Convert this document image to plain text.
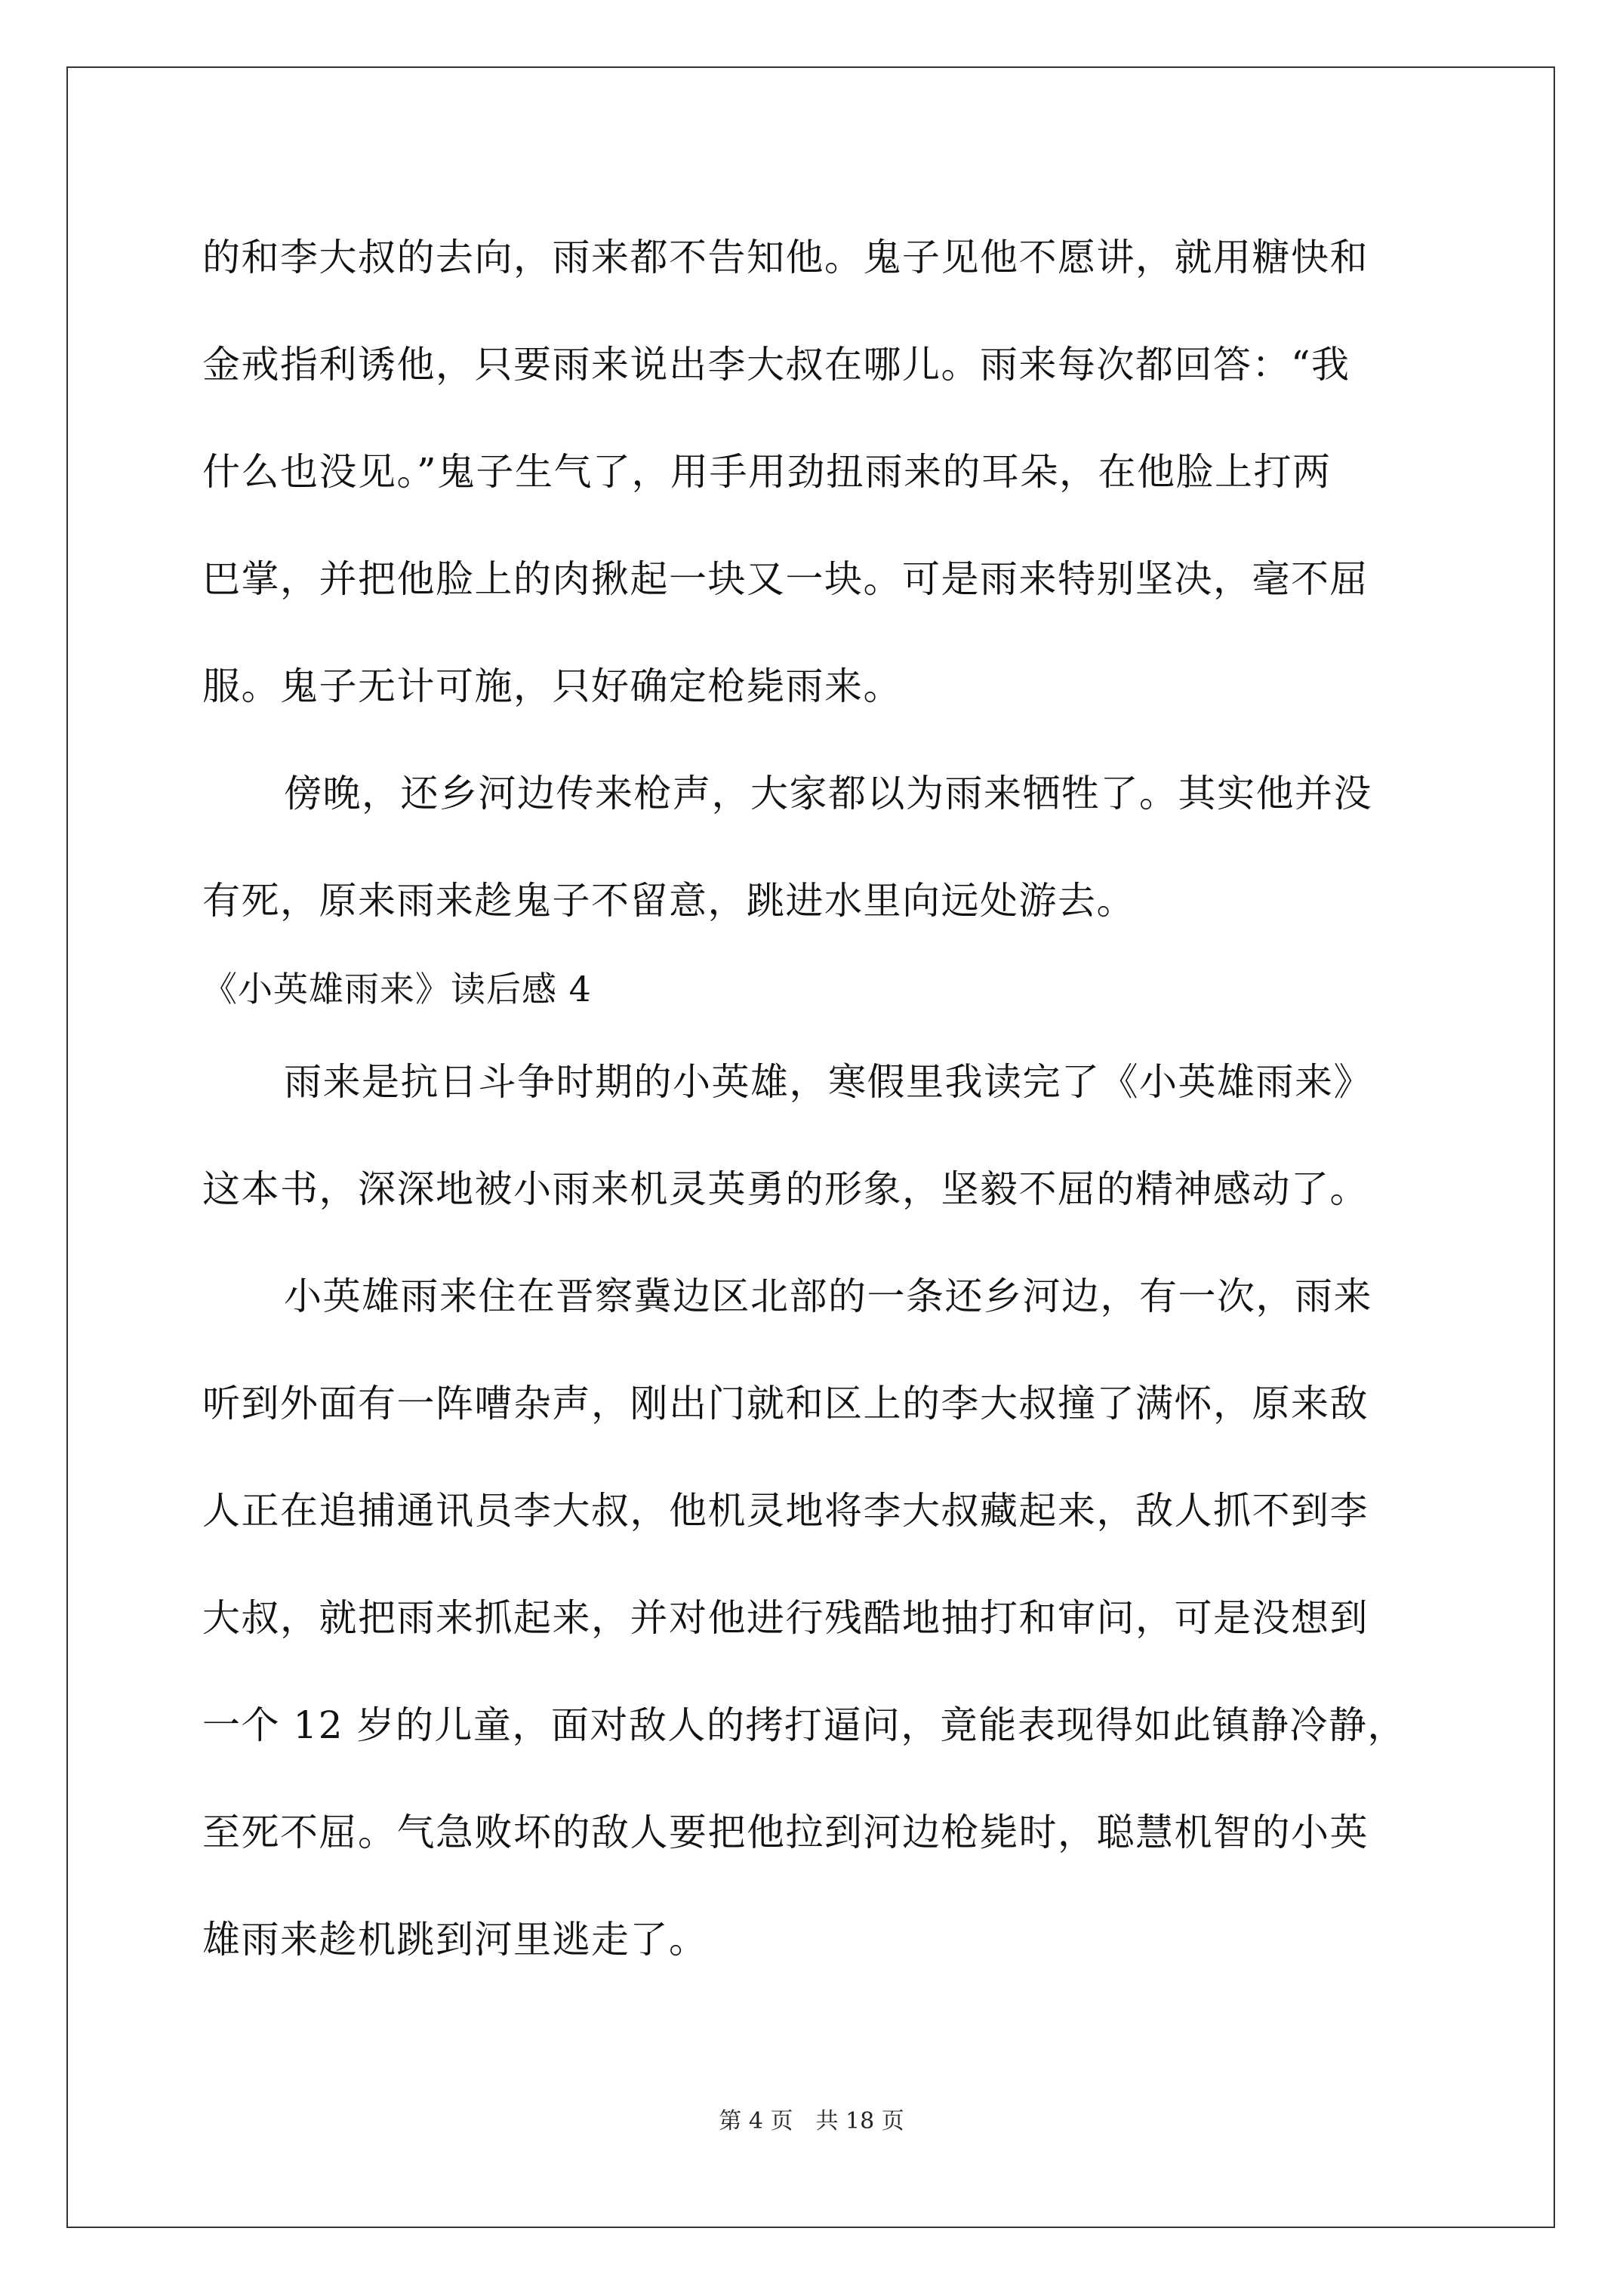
的和李大叔的去向，雨来都不告知他。鬼子见他不愿讲，就用糖快和
金戒指利诱他，只要雨来说出李大叔在哪儿。雨来每次都回答：“我
什么也没见。”鬼子生气了，用手用劲扭雨来的耳朵，在他脸上打两
巴掌，并把他脸上的肉揪起一块又一块。可是雨来特别坚决，毫不屈
服。鬼子无计可施，只好确定枪毙雨来。
傍晚，还乡河边传来枪声，大家都以为雨来牺牲了。其实他并没
有死，原来雨来趁鬼子不留意，跳进水里向远处游去。
《小英雄雨来》读后感 4
雨来是抗日斗争时期的小英雄，寒假里我读完了《小英雄雨来》
这本书，深深地被小雨来机灵英勇的形象，坚毅不屈的精神感动了。
小英雄雨来住在晋察冀边区北部的一条还乡河边，有一次，雨来
听到外面有一阵嘈杂声，刚出门就和区上的李大叔撞了满怀，原来敌
人正在追捕通讯员李大叔，他机灵地将李大叔藏起来，敌人抓不到李
大叔，就把雨来抓起来，并对他进行残酷地抽打和审问，可是没想到
一个 12 岁的儿童，面对敌人的拷打逼问，竟能表现得如此镇静冷静，
至死不屈。气急败坏的敌人要把他拉到河边枪毙时，聪慧机智的小英
雄雨来趁机跳到河里逃走了。
第 4 页　共 18 页
